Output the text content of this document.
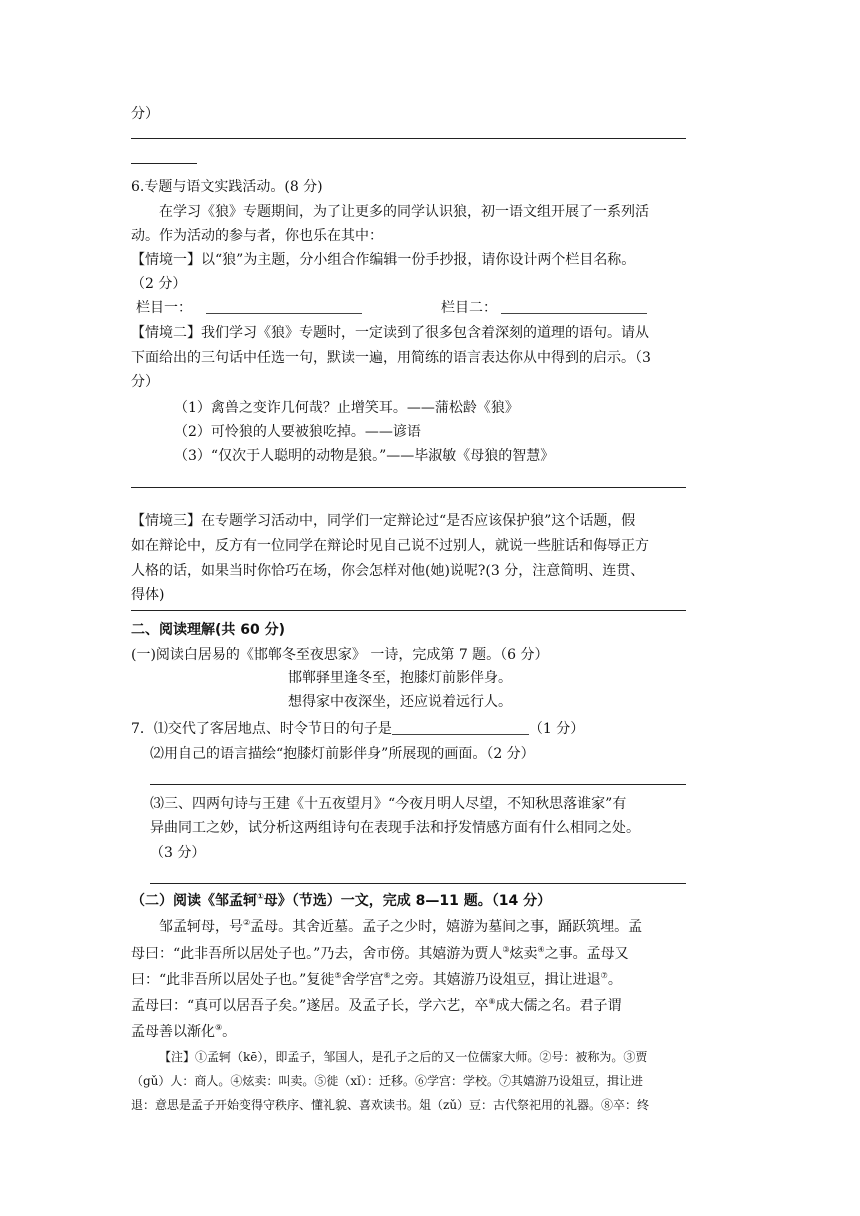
分）
6.专题与语文实践活动。(8 分)
在学习《狼》专题期间，为了让更多的同学认识狼，初一语文组开展了一系列活
动。作为活动的参与者，你也乐在其中：
【情境一】以“狼”为主题，分小组合作编辑一份手抄报，请你设计两个栏目名称。
（2 分）
栏目一：	栏目二：
【情境二】我们学习《狼》专题时，一定读到了很多包含着深刻的道理的语句。请从
下面给出的三句话中任选一句，默读一遍，用简练的语言表达你从中得到的启示。（3
分）
（1）禽兽之变诈几何哉？止增笑耳。——蒲松龄《狼》
（2）可怜狼的人要被狼吃掉。——谚语
（3）“仅次于人聪明的动物是狼。”——毕淑敏《母狼的智慧》
【情境三】在专题学习活动中，同学们一定辩论过“是否应该保护狼”这个话题，假
如在辩论中，反方有一位同学在辩论时见自己说不过别人，就说一些脏话和侮辱正方
人格的话，如果当时你恰巧在场，你会怎样对他(她)说呢?(3 分，注意简明、连贯、
得体)
二、阅读理解(共 60 分)
(一)阅读白居易的《邯郸冬至夜思家》 一诗，完成第 7 题。（6 分）
邯郸驿里逢冬至，抱膝灯前影伴身。
想得家中夜深坐，还应说着远行人。
7．⑴交代了客居地点、时令节日的句子是	（1 分）
⑵用自己的语言描绘“抱膝灯前影伴身”所展现的画面。（2 分）
⑶三、四两句诗与王建《十五夜望月》“今夜月明人尽望，不知秋思落谁家”有
异曲同工之妙，试分析这两组诗句在表现手法和抒发情感方面有什么相同之处。
（3 分）
（二）阅读《邹孟轲①母》（节选）一文，完成 8—11 题。（14 分）
邹孟轲母，号②孟母。其舍近墓。孟子之少时，嬉游为墓间之事，踊跃筑埋。孟
母曰：“此非吾所以居处子也。”乃去，舍市傍。其嬉游为贾人③炫卖④之事。孟母又
曰：“此非吾所以居处子也。”复徙⑤舍学宫⑥之旁。其嬉游乃设俎豆，揖让进退⑦。
孟母曰：“真可以居吾子矣。”遂居。及孟子长，学六艺，卒⑧成大儒之名。君子谓
孟母善以渐化⑨。
【注】①孟轲（kē），即孟子，邹国人，是孔子之后的又一位儒家大师。②号：被称为。③贾
（gǔ）人：商人。④炫卖：叫卖。⑤徙（xǐ）：迁移。⑥学宫：学校。⑦其嬉游乃设俎豆，揖让进
退：意思是孟子开始变得守秩序、懂礼貌、喜欢读书。俎（zǔ）豆：古代祭祀用的礼器。⑧卒：终
